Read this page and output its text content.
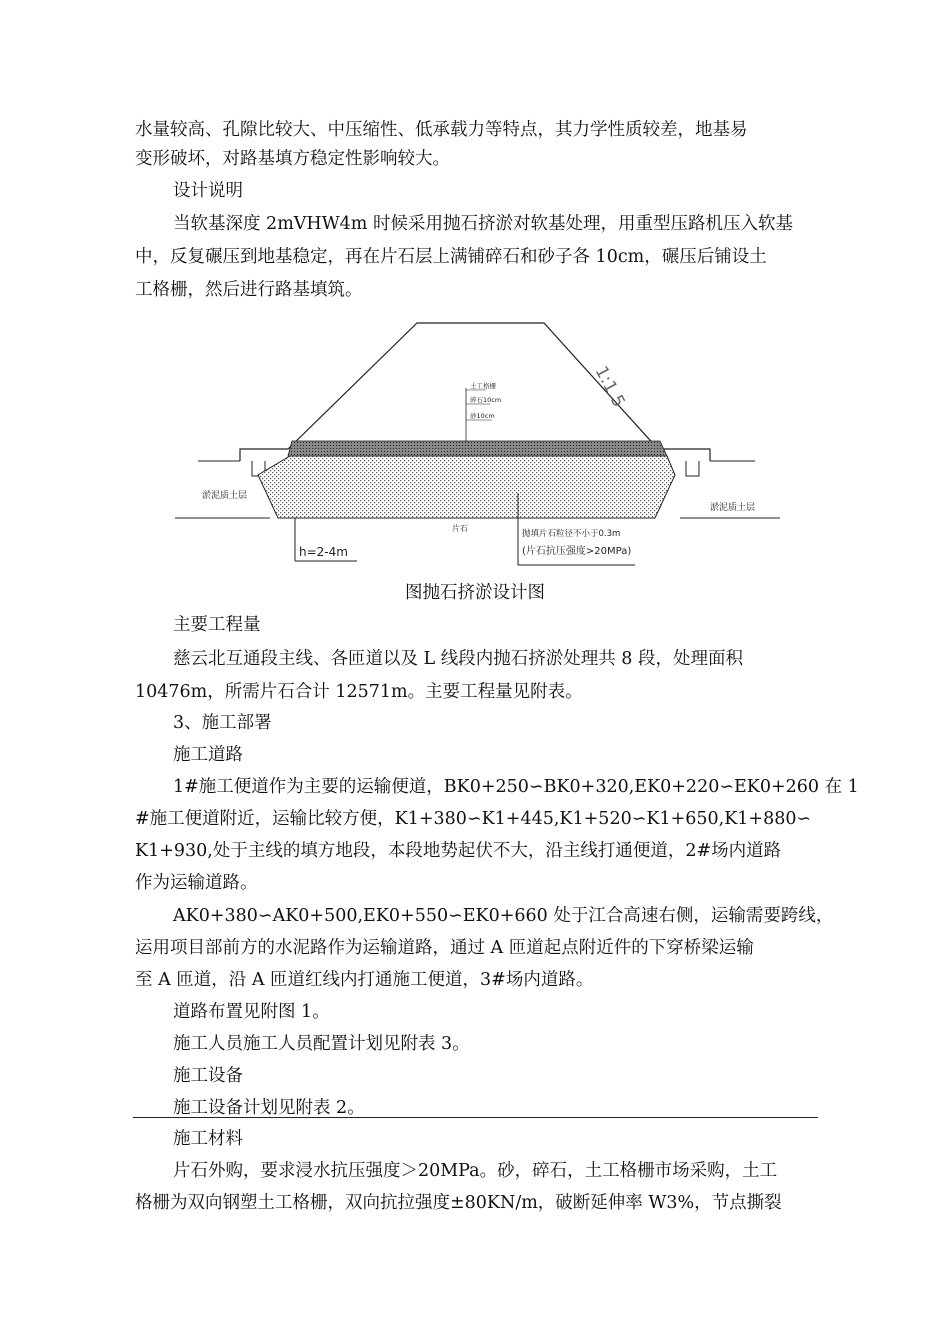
水量较高、孔隙比较大、中压缩性、低承载力等特点，其力学性质较差，地基易
变形破坏，对路基填方稳定性影响较大。

设计说明

当软基深度 2mVHW4m 时候采用抛石挤淤对软基处理，用重型压路机压入软基
中，反复碾压到地基稳定，再在片石层上满铺碎石和砂子各 10cm，碾压后铺设土
工格栅，然后进行路基填筑。

1:1.5
土工格栅
碎石10cm
砂10cm
淤泥质土层
淤泥质土层
片石
h=2-4m
抛填片石粒径不小于0.3m
(片石抗压强度>20MPa)
图抛石挤淤设计图

主要工程量

慈云北互通段主线、各匝道以及 L 线段内抛石挤淤处理共 8 段，处理面积
10476m，所需片石合计 12571m。主要工程量见附表。

3、施工部署

施工道路

1#施工便道作为主要的运输便道，BK0+250∽BK0+320,EK0+220∽EK0+260 在 1
#施工便道附近，运输比较方便，K1+380∽K1+445,K1+520∽K1+650,K1+880∽
K1+930,处于主线的填方地段，本段地势起伏不大，沿主线打通便道，2#场内道路
作为运输道路。

AK0+380∽AK0+500,EK0+550∽EK0+660 处于江合高速右侧，运输需要跨线，
运用项目部前方的水泥路作为运输道路，通过 A 匝道起点附近件的下穿桥梁运输
至 A 匝道，沿 A 匝道红线内打通施工便道，3#场内道路。

道路布置见附图 1。

施工人员施工人员配置计划见附表 3。

施工设备

施工设备计划见附表 2。

施工材料

片石外购，要求浸水抗压强度＞20MPa。砂，碎石，土工格栅市场采购，土工
格栅为双向钢塑土工格栅，双向抗拉强度±80KN/m，破断延伸率 W3%，节点撕裂
